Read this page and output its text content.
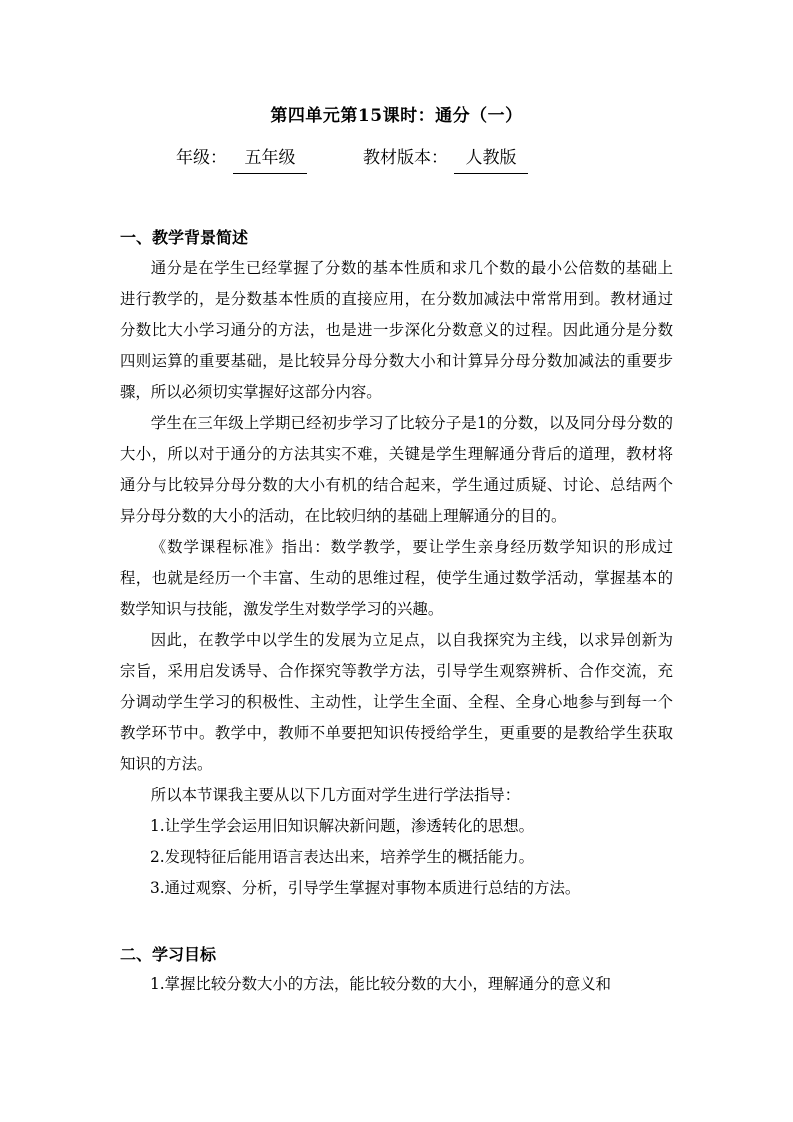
第四单元第15课时：通分（一）
年级： 五年级	教材版本： 人教版
一、教学背景简述

通分是在学生已经掌握了分数的基本性质和求几个数的最小公倍数的基础上进行教学的，是分数基本性质的直接应用，在分数加减法中常常用到。教材通过分数比大小学习通分的方法，也是进一步深化分数意义的过程。因此通分是分数四则运算的重要基础，是比较异分母分数大小和计算异分母分数加减法的重要步骤，所以必须切实掌握好这部分内容。

学生在三年级上学期已经初步学习了比较分子是1的分数，以及同分母分数的大小，所以对于通分的方法其实不难，关键是学生理解通分背后的道理，教材将通分与比较异分母分数的大小有机的结合起来，学生通过质疑、讨论、总结两个异分母分数的大小的活动，在比较归纳的基础上理解通分的目的。

《数学课程标准》指出：数学教学，要让学生亲身经历数学知识的形成过程，也就是经历一个丰富、生动的思维过程，使学生通过数学活动，掌握基本的数学知识与技能，激发学生对数学学习的兴趣。

因此，在教学中以学生的发展为立足点，以自我探究为主线，以求异创新为宗旨，采用启发诱导、合作探究等教学方法，引导学生观察辨析、合作交流，充分调动学生学习的积极性、主动性，让学生全面、全程、全身心地参与到每一个教学环节中。教学中，教师不单要把知识传授给学生，更重要的是教给学生获取知识的方法。

所以本节课我主要从以下几方面对学生进行学法指导：

1.让学生学会运用旧知识解决新问题，渗透转化的思想。
2.发现特征后能用语言表达出来，培养学生的概括能力。
3.通过观察、分析，引导学生掌握对事物本质进行总结的方法。
二、学习目标
1.掌握比较分数大小的方法，能比较分数的大小，理解通分的意义和
